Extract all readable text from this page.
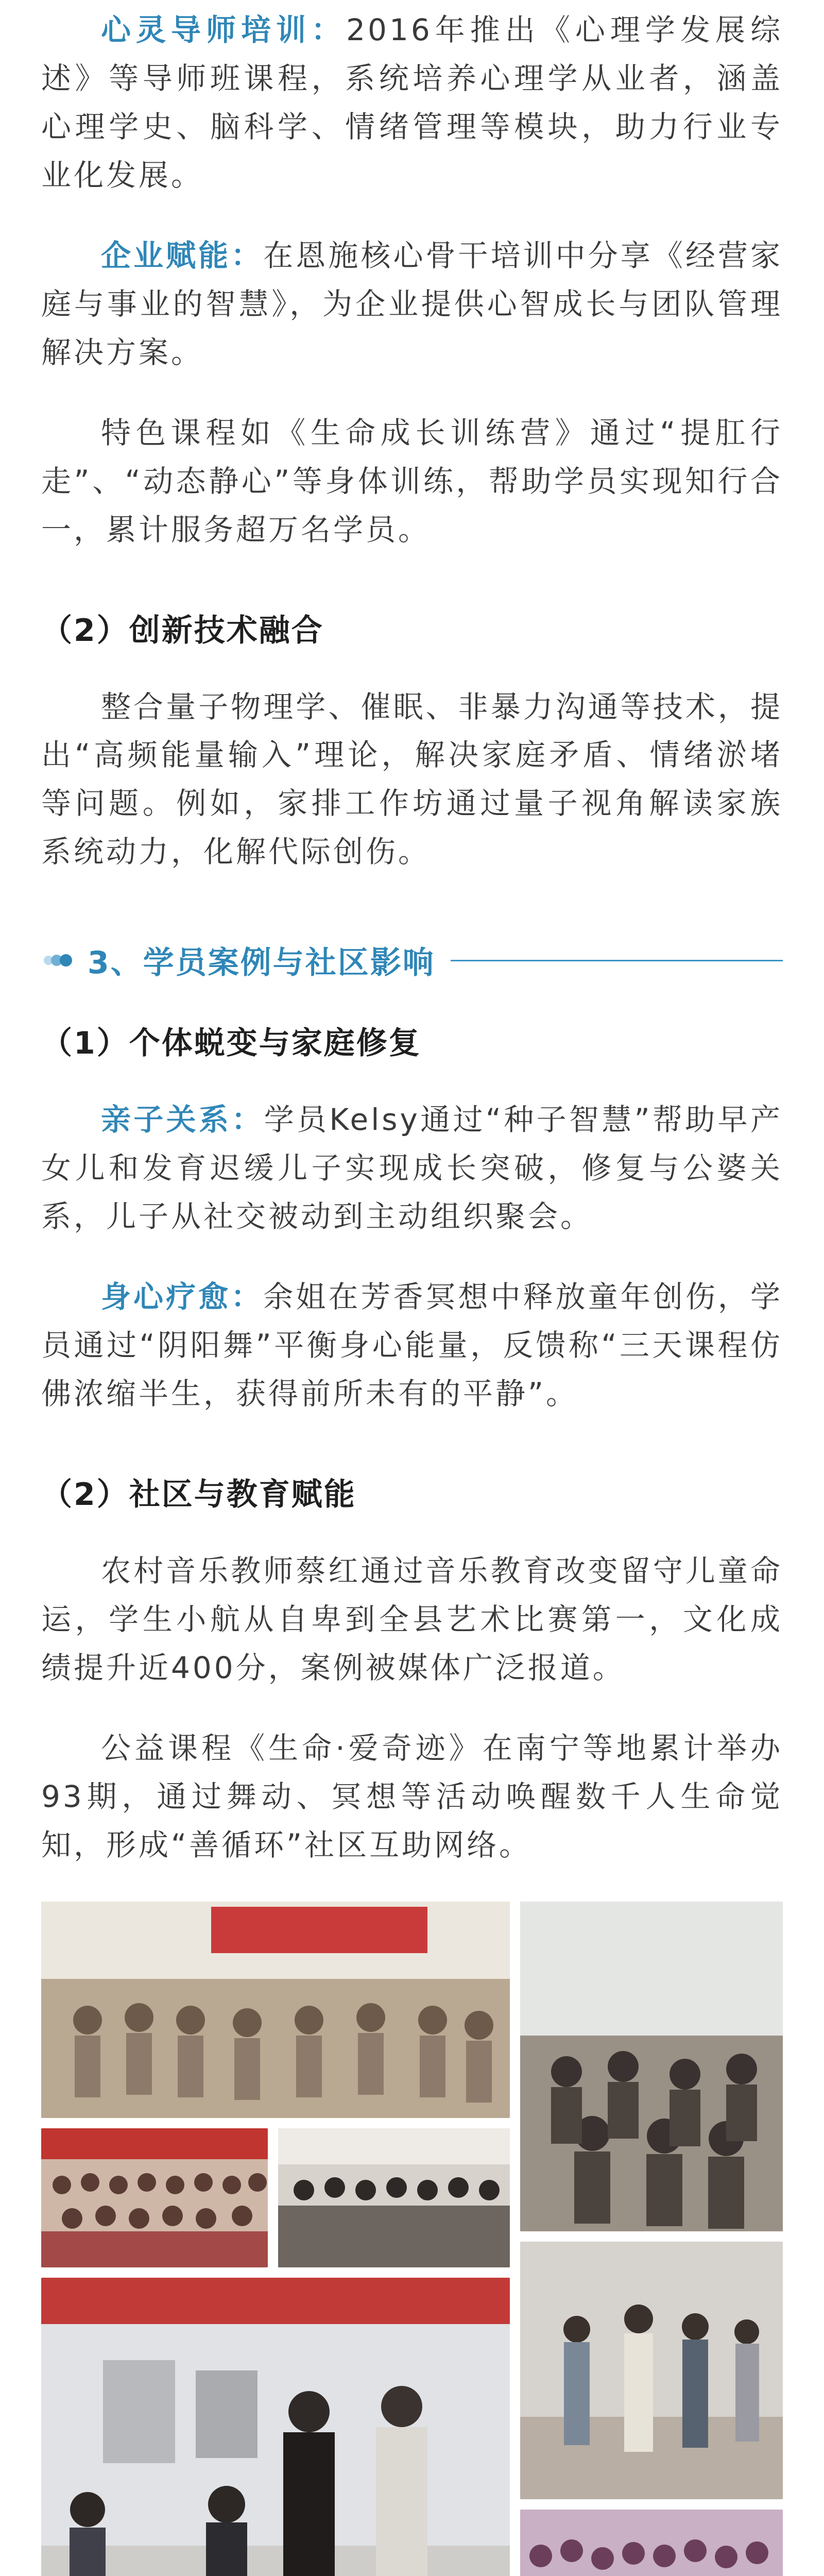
心灵导师培训：2016年推出《心理学发展综述》等导师班课程，系统培养心理学从业者，涵盖心理学史、脑科学、情绪管理等模块，助力行业专业化发展。

企业赋能：在恩施核心骨干培训中分享《经营家庭与事业的智慧》，为企业提供心智成长与团队管理解决方案。

特色课程如《生命成长训练营》通过“提肛行走”、“动态静心”等身体训练，帮助学员实现知行合一，累计服务超万名学员。

（2）创新技术融合

整合量子物理学、催眠、非暴力沟通等技术，提出“高频能量输入”理论，解决家庭矛盾、情绪淤堵等问题。例如，家排工作坊通过量子视角解读家族系统动力，化解代际创伤。

3、学员案例与社区影响
（1）个体蜕变与家庭修复

亲子关系：学员Kelsy通过“种子智慧”帮助早产女儿和发育迟缓儿子实现成长突破，修复与公婆关系，儿子从社交被动到主动组织聚会。

身心疗愈：余姐在芳香冥想中释放童年创伤，学员通过“阴阳舞”平衡身心能量，反馈称“三天课程仿佛浓缩半生，获得前所未有的平静”。

（2）社区与教育赋能

农村音乐教师蔡红通过音乐教育改变留守儿童命运，学生小航从自卑到全县艺术比赛第一，文化成绩提升近400分，案例被媒体广泛报道。

公益课程《生命·爱奇迹》在南宁等地累计举办93期，通过舞动、冥想等活动唤醒数千人生命觉知，形成“善循环”社区互助网络。
